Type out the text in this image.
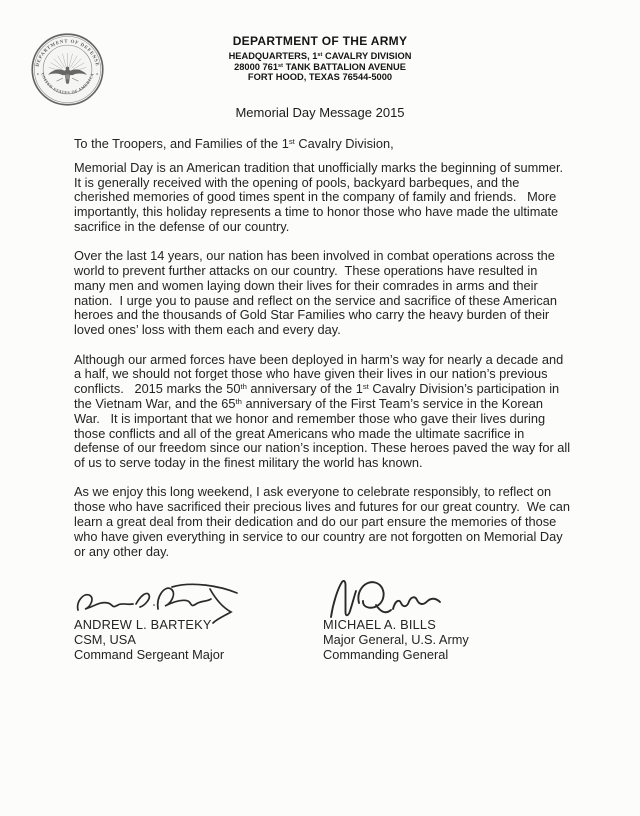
DEPARTMENT OF DEFENSE
UNITED STATES OF AMERICA
DEPARTMENT OF THE ARMY
HEADQUARTERS, 1st CAVALRY DIVISION
28000 761st TANK BATTALION AVENUE
FORT HOOD, TEXAS 76544-5000
Memorial Day Message 2015

To the Troopers, and Families of the 1st Cavalry Division,

Memorial Day is an American tradition that unofficially marks the beginning of summer.
It is generally received with the opening of pools, backyard barbeques, and the
cherished memories of good times spent in the company of family and friends.   More
importantly, this holiday represents a time to honor those who have made the ultimate
sacrifice in the defense of our country.

Over the last 14 years, our nation has been involved in combat operations across the
world to prevent further attacks on our country.  These operations have resulted in
many men and women laying down their lives for their comrades in arms and their
nation.  I urge you to pause and reflect on the service and sacrifice of these American
heroes and the thousands of Gold Star Families who carry the heavy burden of their
loved ones’ loss with them each and every day.

Although our armed forces have been deployed in harm’s way for nearly a decade and
a half, we should not forget those who have given their lives in our nation’s previous
conflicts.   2015 marks the 50th anniversary of the 1st Cavalry Division’s participation in
the Vietnam War, and the 65th anniversary of the First Team’s service in the Korean
War.   It is important that we honor and remember those who gave their lives during
those conflicts and all of the great Americans who made the ultimate sacrifice in
defense of our freedom since our nation’s inception. These heroes paved the way for all
of us to serve today in the finest military the world has known.

As we enjoy this long weekend, I ask everyone to celebrate responsibly, to reflect on
those who have sacrificed their precious lives and futures for our great country.  We can
learn a great deal from their dedication and do our part ensure the memories of those
who have given everything in service to our country are not forgotten on Memorial Day
or any other day.

ANDREW L. BARTEKY
CSM, USA
Command Sergeant Major
MICHAEL A. BILLS
Major General, U.S. Army
Commanding General
